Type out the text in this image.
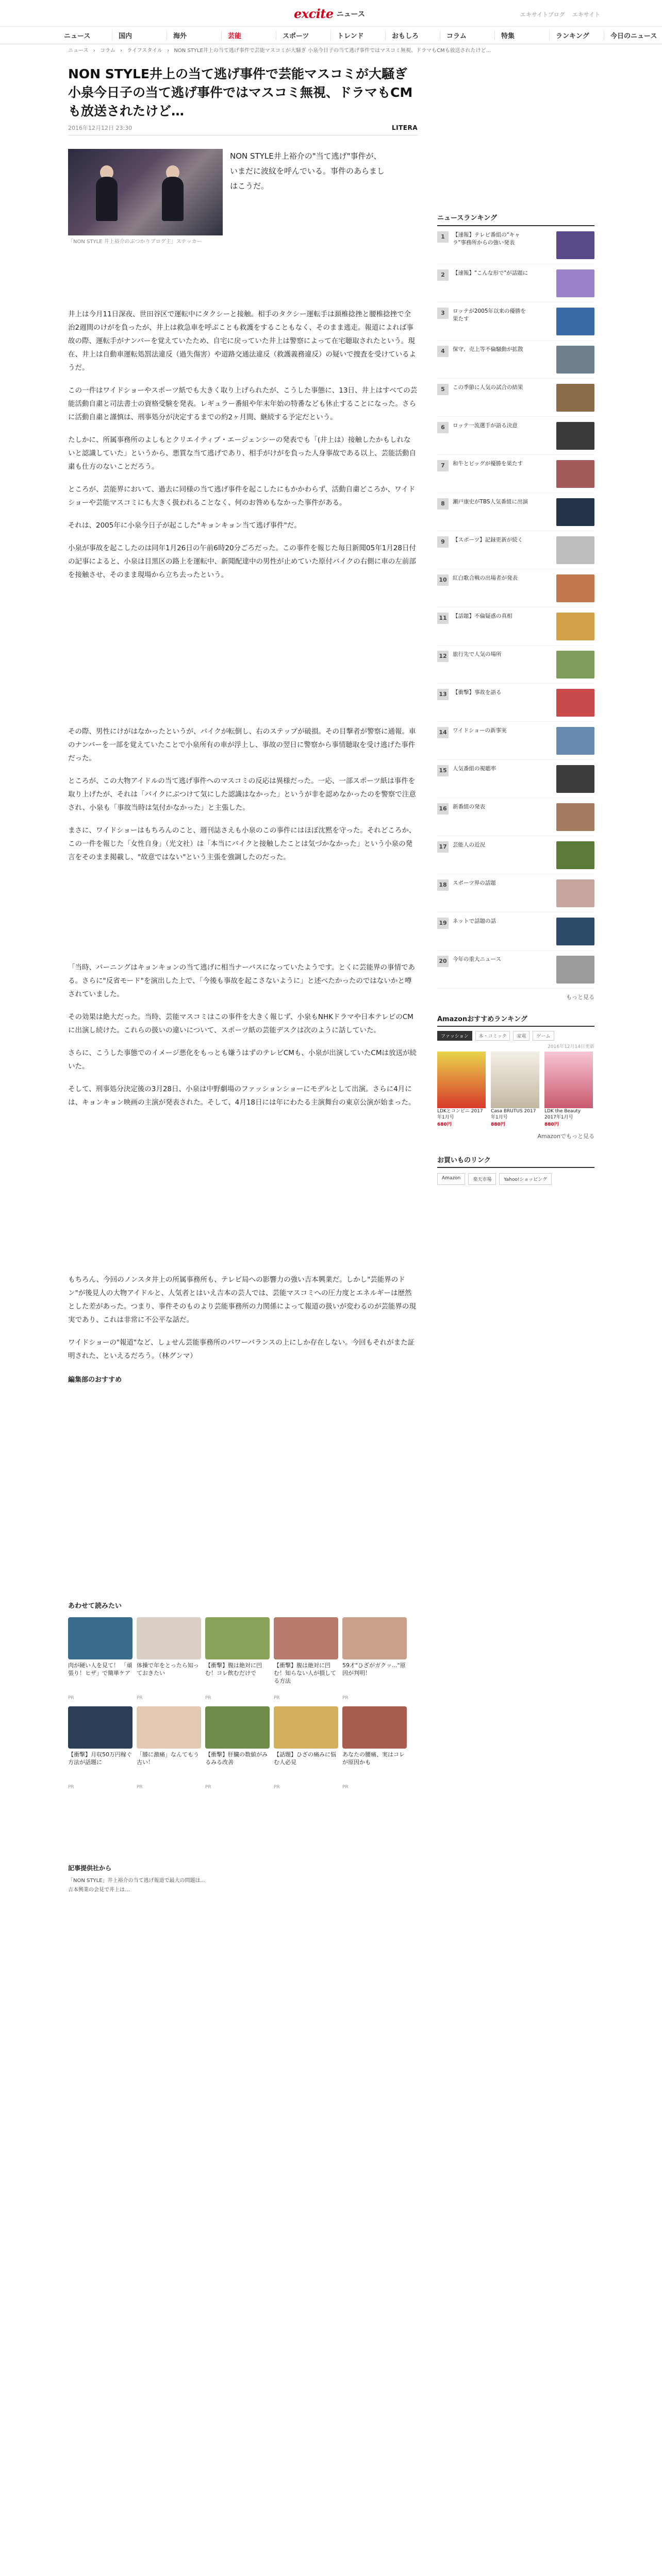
excite ニュース	エキサイトブログ エキサイト
ニュース	国内	海外	芸能	スポーツ	トレンド	おもしろ	コラム	特集	ランキング	今日のニュース
ニュース › コラム › ライフスタイル › NON STYLE井上の当て逃げ事件で芸能マスコミが大騒ぎ 小泉今日子の当て逃げ事件ではマスコミ無視、ドラマもCMも放送されたけど…
NON STYLE井上の当て逃げ事件で芸能マスコミが大騒ぎ 小泉今日子の当て逃げ事件ではマスコミ無視、ドラマもCMも放送されたけど…
2016年12月12日 23:30	LITERA
「NON STYLE 井上裕介のぶつかりブログ主」ステッカー

NON STYLE井上裕介の"当て逃げ"事件が、いまだに波紋を呼んでいる。事件のあらましはこうだ。

井上は今月11日深夜、世田谷区で運転中にタクシーと接触。相手のタクシー運転手は頚椎捻挫と腰椎捻挫で全治2週間のけがを負ったが、井上は救急車を呼ぶことも救護をすることもなく、そのまま逃走。報道によれば事故の際、運転手がナンバーを覚えていたため、自宅に戻っていた井上は警察によって在宅聴取されたという。現在、井上は自動車運転処罰法違反（過失傷害）や道路交通法違反（救護義務違反）の疑いで捜査を受けているようだ。

この一件はワイドショーやスポーツ紙でも大きく取り上げられたが、こうした事態に、13日、井上はすべての芸能活動自粛と司法書士の資格受験を発表。レギュラー番組や年末年始の特番なども休止することになった。さらに活動自粛と謹慎は、刑事処分が決定するまでの約2ヶ月間、継続する予定だという。

たしかに、所属事務所のよしもとクリエイティブ・エージェンシーの発表でも「(井上は）接触したかもしれないと認識していた」というから、悪質な当て逃げであり、相手がけがを負った人身事故である以上、芸能活動自粛も仕方のないことだろう。

ところが、芸能界において、過去に同様の当て逃げ事件を起こしたにもかかわらず、活動自粛どころか、ワイドショーや芸能マスコミにも大きく扱われることなく、何のお咎めもなかった事件がある。

それは、2005年に小泉今日子が起こした"キョンキョン当て逃げ事件"だ。

小泉が事故を起こしたのは同年1月26日の午前6時20分ごろだった。この事件を報じた毎日新聞05年1月28日付の記事によると、小泉は目黒区の路上を運転中、新聞配達中の男性が止めていた原付バイクの右側に車の左前部を接触させ、そのまま現場から立ち去ったという。

その際、男性にけがはなかったというが、バイクが転倒し、右のステップが破損。その目撃者が警察に通報。車のナンバーを一部を覚えていたことで小泉所有の車が浮上し、事故の翌日に警察から事情聴取を受け逃げた事件だった。

ところが、この大物アイドルの当て逃げ事件へのマスコミの反応は異様だった。一応、一部スポーツ紙は事件を取り上げたが、それは「バイクにぶつけて気にした認識はなかった」というが非を認めなかったのを警察で注意され、小泉も「事故当時は気付かなかった」と主張した。

まさに、ワイドショーはもちろんのこと、週刊誌さえも小泉のこの事件にはほぼ沈黙を守った。それどころか、この一件を報じた「女性自身」（光文社）は「本当にバイクと接触したことは気づかなかった」という小泉の発言をそのまま掲載し、"故意ではない"という主張を強調したのだった。

「当時、バーニングはキョンキョンの当て逃げに相当ナーバスになっていたようです。とくに芸能界の事情である。さらに"反省モード"を演出した上で、「今後も事故を起こさないように」と述べたかったのではないかと噂されていました。

その効果は絶大だった。当時、芸能マスコミはこの事件を大きく報じず、小泉もNHKドラマや日本テレビのCMに出演し続けた。これらの扱いの違いについて、スポーツ紙の芸能デスクは次のように話していた。

さらに、こうした事態でのイメージ悪化をもっとも嫌うはずのテレビCMも、小泉が出演していたCMは放送が続いた。

そして、刑事処分決定後の3月28日、小泉は中野劇場のファッションショーにモデルとして出演。さらに4月には、キョンキョン映画の主演が発表された。そして、4月18日には年にわたる主演舞台の東京公演が始まった。

もちろん、今回のノンスタ井上の所属事務所も、テレビ局への影響力の強い吉本興業だ。しかし"芸能界のドン"が後見人の大物アイドルと、人気者とはいえ吉本の芸人では、芸能マスコミへの圧力度とエネルギーは歴然とした差があった。つまり、事件そのものより芸能事務所の力関係によって報道の扱いが変わるのが芸能界の現実であり、これは非常に不公平な話だ。

ワイドショーの"報道"など、しょせん芸能事務所のパワーバランスの上にしか存在しない。今回もそれがまた証明された、といえるだろう。（林グンマ）

編集部のおすすめ
あわせて読みたい
肉が硬い人を見て！ 「頑張り！ヒザ」で簡単ケア
PR
体操で年をとったら知っておきたい
PR
【衝撃】腹は絶対に凹む！コレ飲むだけで
PR
【衝撃】腹は絶対に凹む！知らない人が損してる方法
PR
59才"ひざがガクッ..."原因が判明！
PR
【衝撃】月収50万円稼ぐ方法が話題に
PR
「膝に激痛」なんてもう古い！
PR
【衝撃】肝臓の数値がみるみる改善
PR
【話題】ひざの痛みに悩む人必見
PR
あなたの腰痛、実はコレが原因かも
PR
記事提供社から
「NON STYLE」井上裕介の当て逃げ報道で最大の問題は…
吉本興業の会見で井上は…
ニュースランキング
1	【速報】テレビ番組の"キャラ"事務所からの強い発表
2	【速報】"こんな形で"が話題に
3	ロッテが2005年以来の優勝を果たす
4	保守、売上等不倫騒動が拡散
5	この季節に人気の試合の結果
6	ロッテ一流選手が語る決意
7	和牛とビッグが優勝を果たす
8	瀬戸康史がTBS人気番組に出演
9	【スポーツ】記録更新が続く
10	紅白歌合戦の出場者が発表
11	【話題】不倫疑惑の真相
12	旅行先で人気の場所
13	【衝撃】事故を語る
14	ワイドショーの新事実
15	人気番組の視聴率
16	新番組の発表
17	芸能人の近況
18	スポーツ界の話題
19	ネットで話題の話
20	今年の重大ニュース
もっと見る
Amazonおすすめランキング
ファッション	本・コミック	家電	ゲーム
2016年12月14日更新
LDKとコンビニ 2017年1月号
680円
Casa BRUTUS 2017年1月号
880円
LDK the Beauty 2017年1月号
880円
Amazonでもっと見る
お買いものリンク
Amazon	楽天市場	Yahoo!ショッピング
